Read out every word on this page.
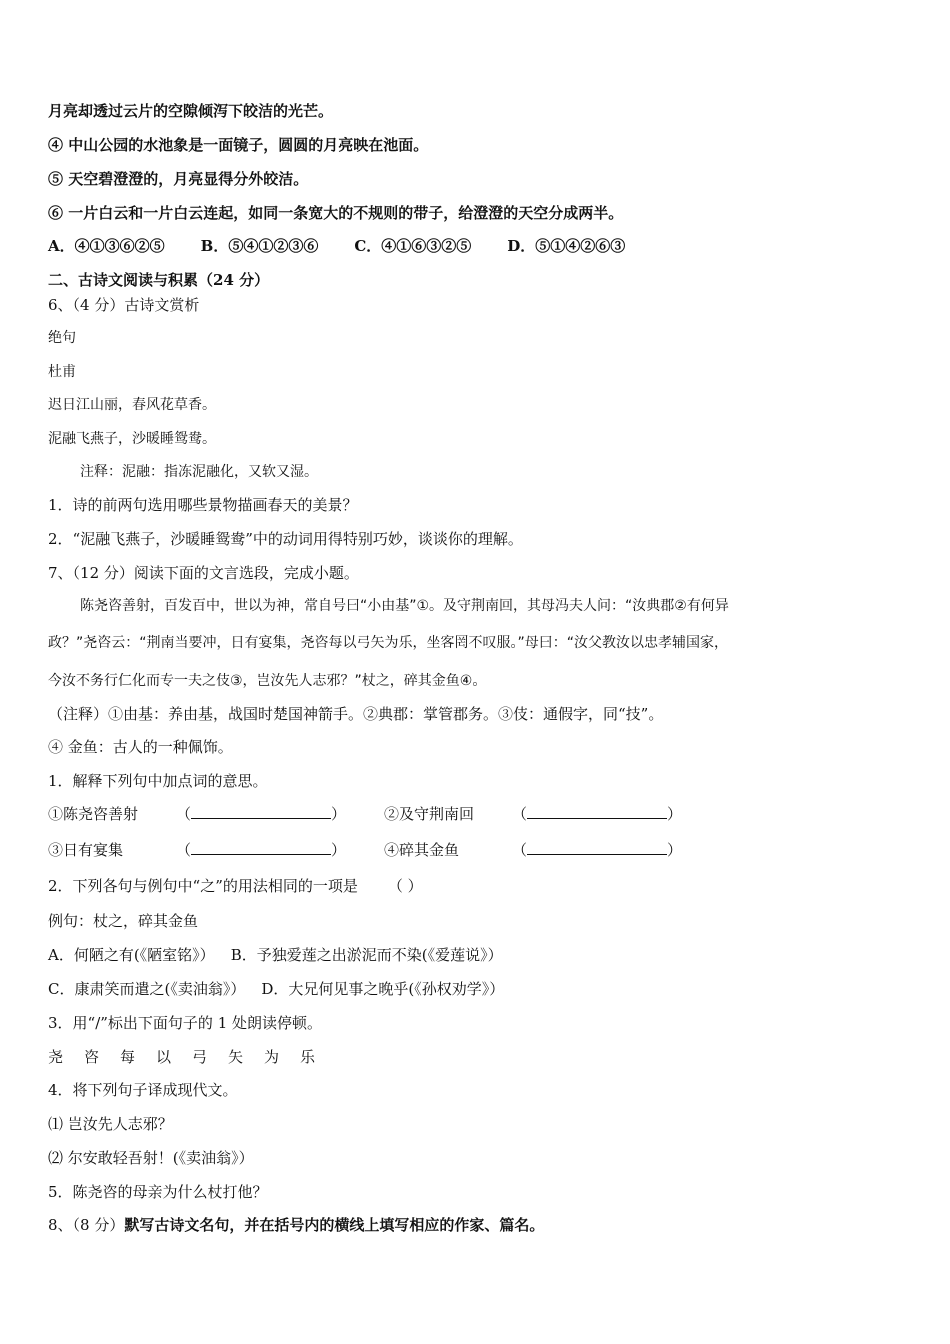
月亮却透过云片的空隙倾泻下皎洁的光芒。
④ 中山公园的水池象是一面镜子，圆圆的月亮映在池面。
⑤ 天空碧澄澄的，月亮显得分外皎洁。
⑥ 一片白云和一片白云连起，如同一条宽大的不规则的带子，给澄澄的天空分成两半。
A．④①③⑥②⑤ B．⑤④①②③⑥ C．④①⑥③②⑤ D．⑤①④②⑥③
二、古诗文阅读与积累（24 分）
6、（4 分）古诗文赏析
绝句
杜甫
迟日江山丽，春风花草香。
泥融飞燕子，沙暖睡鸳鸯。
注释：泥融：指冻泥融化，又软又湿。
1．诗的前两句选用哪些景物描画春天的美景？
2．“泥融飞燕子，沙暖睡鸳鸯”中的动词用得特别巧妙，谈谈你的理解。
7、（12 分）阅读下面的文言选段，完成小题。
陈尧咨善射，百发百中，世以为神，常自号曰“小由基”①。及守荆南回，其母冯夫人问：“汝典郡②有何异
政？”尧咨云：“荆南当要冲，日有宴集，尧咨每以弓矢为乐，坐客罔不叹服。”母曰：“汝父教汝以忠孝辅国家，
今汝不务行仁化而专一夫之伎③，岂汝先人志邪？”杖之，碎其金鱼④。
（注释）①由基：养由基，战国时楚国神箭手。②典郡：掌管郡务。③伎：通假字，同“技”。
④ 金鱼：古人的一种佩饰。
1．解释下列句中加点词的意思。
①陈尧咨善射	（	）	②及守荆南回	（	）
③日有宴集	（	）	④碎其金鱼	（	）
2．下列各句与例句中“之”的用法相同的一项是 （ ）
例句：杖之，碎其金鱼
A．何陋之有(《陋室铭》） B．予独爱莲之出淤泥而不染(《爱莲说》）
C．康肃笑而遣之(《卖油翁》） D．大兄何见事之晚乎(《孙权劝学》）
3．用“/”标出下面句子的 1 处朗读停顿。
尧 咨 每 以 弓 矢 为 乐
4．将下列句子译成现代文。
⑴ 岂汝先人志邪？
⑵ 尔安敢轻吾射！(《卖油翁》）
5．陈尧咨的母亲为什么杖打他？
8、（8 分）默写古诗文名句，并在括号内的横线上填写相应的作家、篇名。
